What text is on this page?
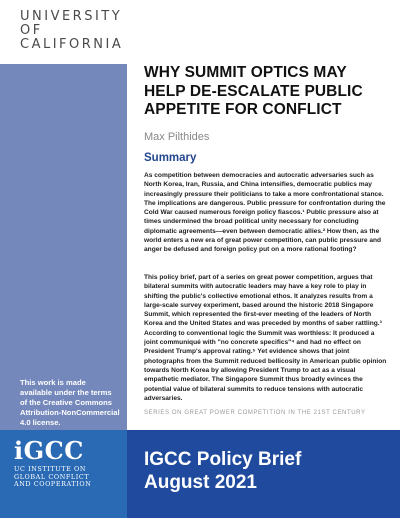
UNIVERSITY
OF
CALIFORNIA
This work is made available under the terms of the Creative Commons Attribution-NonCommercial 4.0 license.
WHY SUMMIT OPTICS MAY HELP DE-ESCALATE PUBLIC APPETITE FOR CONFLICT
Max Pilthides
Summary

As competition between democracies and autocratic adversaries such as North Korea, Iran, Russia, and China intensifies, democratic publics may increasingly pressure their politicians to take a more confrontational stance. The implications are dangerous. Public pressure for confrontation during the Cold War caused numerous foreign policy fiascos.¹ Public pressure also at times undermined the broad political unity necessary for concluding diplomatic agreements—even between democratic allies.² How then, as the world enters a new era of great power competition, can public pressure and anger be defused and foreign policy put on a more rational footing?

This policy brief, part of a series on great power competition, argues that bilateral summits with autocratic leaders may have a key role to play in shifting the public's collective emotional ethos. It analyzes results from a large-scale survey experiment, based around the historic 2018 Singapore Summit, which represented the first-ever meeting of the leaders of North Korea and the United States and was preceded by months of saber rattling.³ According to conventional logic the Summit was worthless: It produced a joint communiqué with "no concrete specifics"⁴ and had no effect on President Trump's approval rating.⁵ Yet evidence shows that joint photographs from the Summit reduced bellicosity in American public opinion towards North Korea by allowing President Trump to act as a visual empathetic mediator. The Singapore Summit thus broadly evinces the potential value of bilateral summits to reduce tensions with autocratic adversaries.

SERIES ON GREAT POWER COMPETITION IN THE 21ST CENTURY
iGCC
UC INSTITUTE ON
GLOBAL CONFLICT
AND COOPERATION
IGCC Policy Brief
August 2021
